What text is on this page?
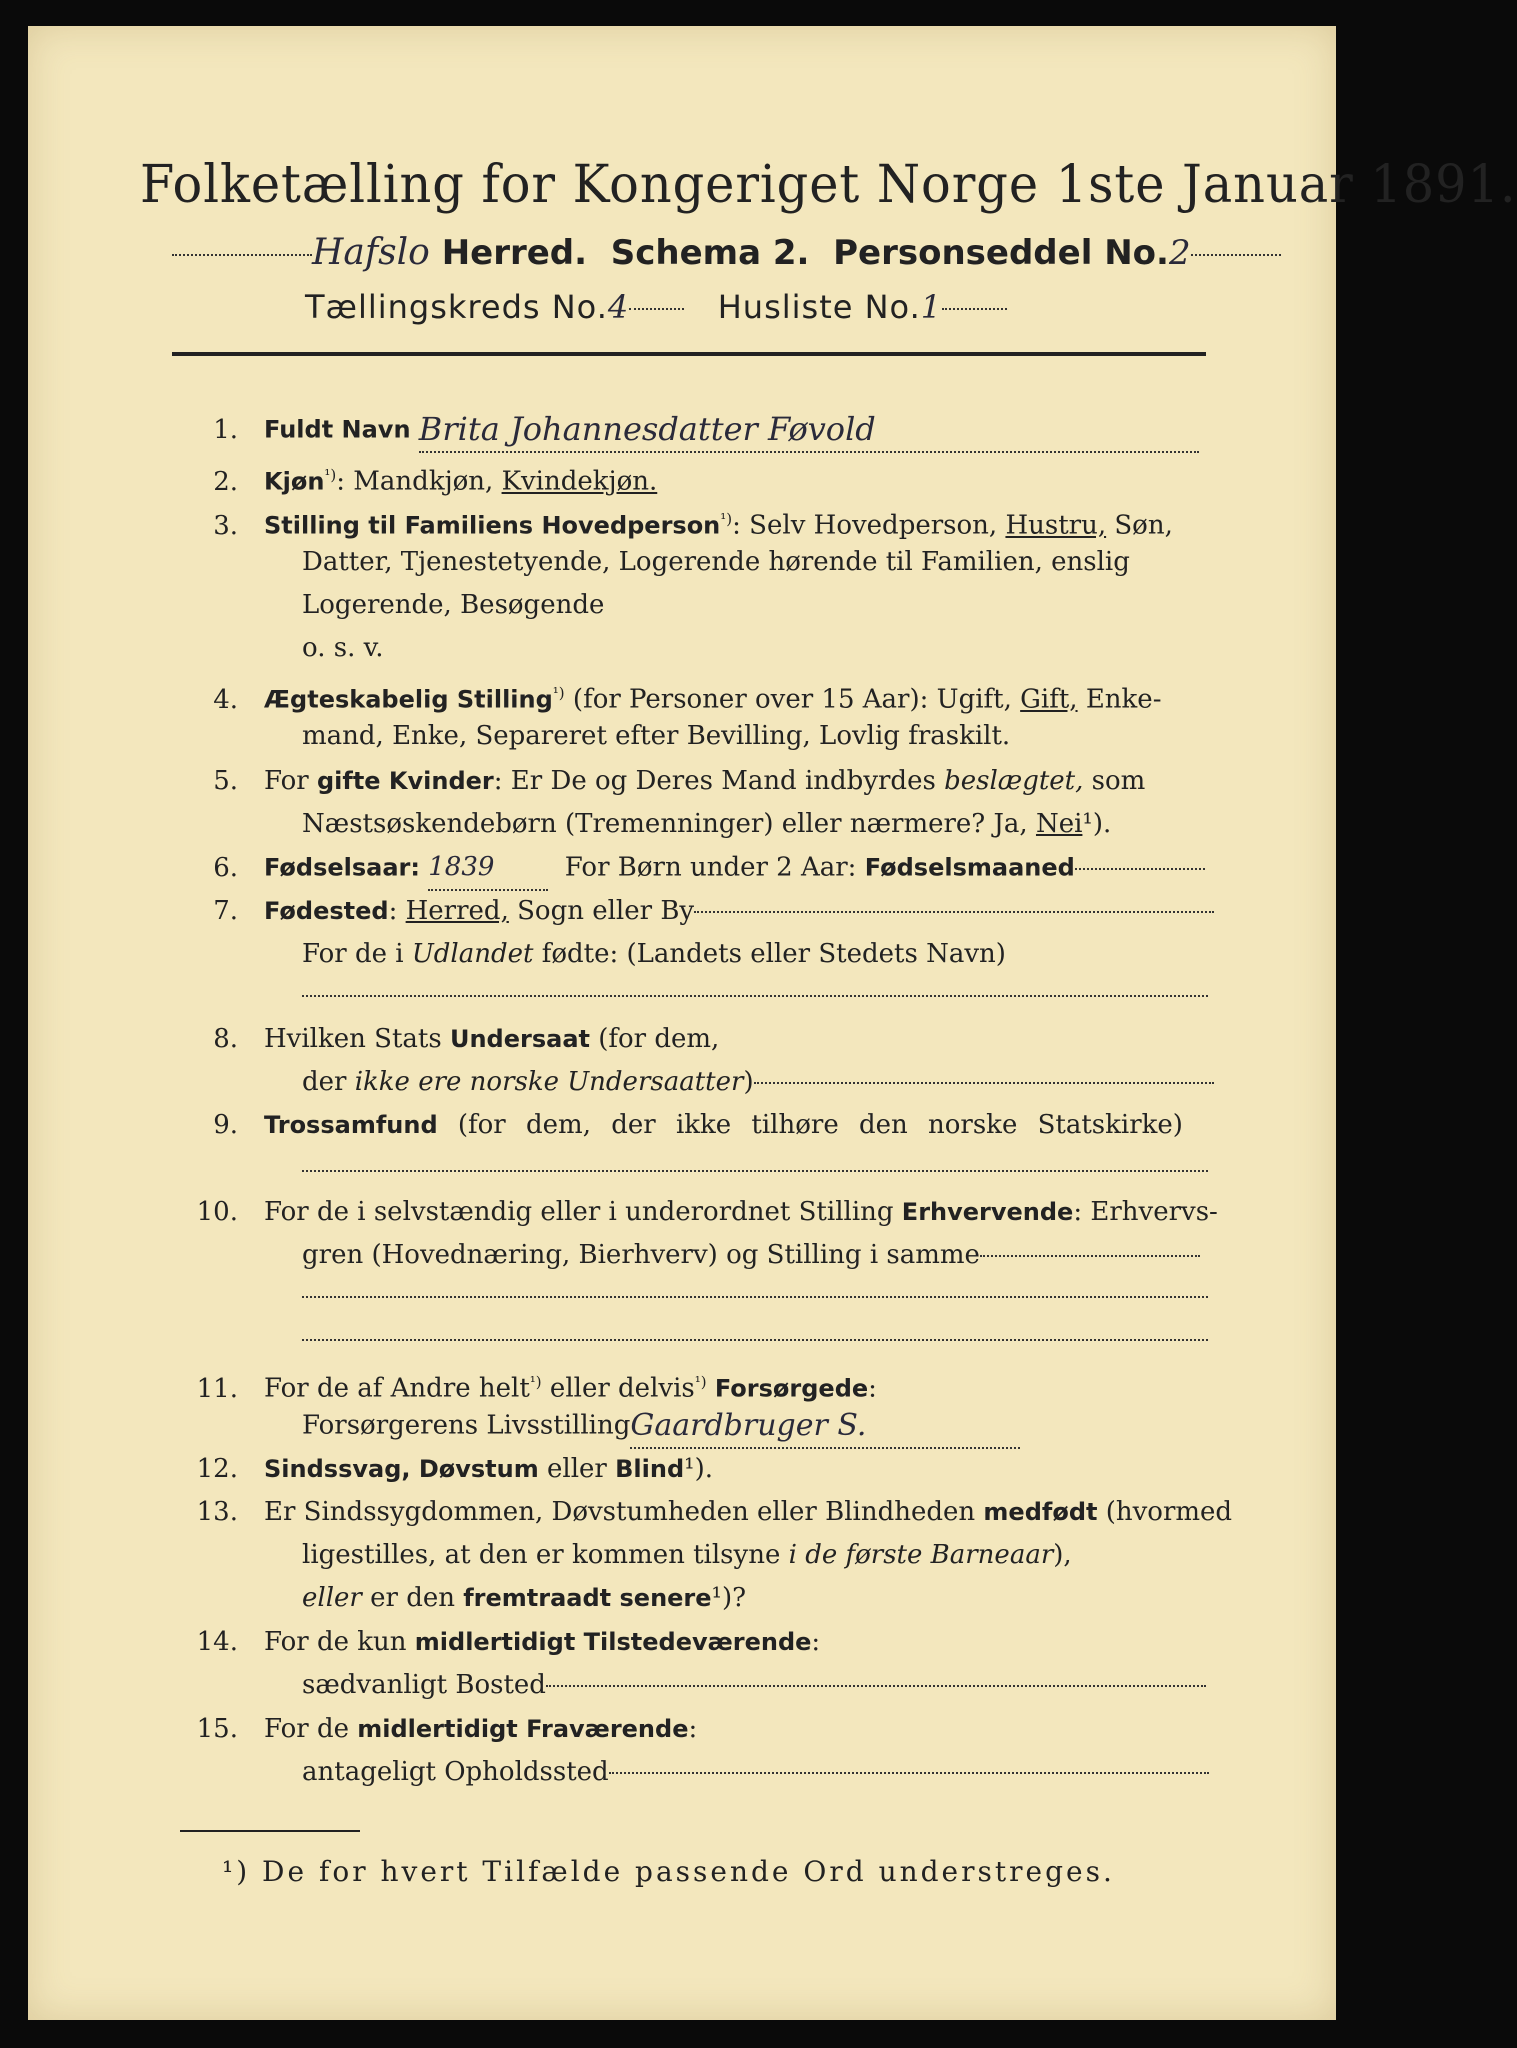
Folketælling for Kongeriget Norge 1ste Januar 1891.
Hafslo Herred. Schema 2. Personseddel No.2
Tællingskreds No.4	Husliste No.1
1. Fuldt Navn Brita Johannesdatter Føvold
2. Kjøn$^{^1)}$: Mandkjøn, Kvindekjøn.
3. Stilling til Familiens Hovedperson$^{^1)}$: Selv Hovedperson, Hustru, Søn,
Datter, Tjenestetyende, Logerende hørende til Familien, enslig
Logerende, Besøgende
o. s. v.
4. Ægteskabelig Stilling$^{^1)}$ (for Personer over 15 Aar): Ugift, Gift, Enke-
mand, Enke, Separeret efter Bevilling, Lovlig fraskilt.
5. For gifte Kvinder: Er De og Deres Mand indbyrdes beslægtet, som
Næstsøskendebørn (Tremenninger) eller nærmere? Ja, Nei¹).
6. Fødselsaar: 1839	For Børn under 2 Aar: Fødselsmaaned
7. Fødested: Herred, Sogn eller By
For de i Udlandet fødte: (Landets eller Stedets Navn)
8. Hvilken Stats Undersaat (for dem,
der ikke ere norske Undersaatter)
9. Trossamfund (for dem, der ikke tilhøre den norske Statskirke)
10. For de i selvstændig eller i underordnet Stilling Erhvervende: Erhvervs-
gren (Hovednæring, Bierhverv) og Stilling i samme
11. For de af Andre helt$^{^1)}$ eller delvis$^{^1)}$ Forsørgede:
Forsørgerens LivsstillingGaardbruger S.
12. Sindssvag, Døvstum eller Blind¹).
13. Er Sindssygdommen, Døvstumheden eller Blindheden medfødt (hvormed
ligestilles, at den er kommen tilsyne i de første Barneaar),
eller er den fremtraadt senere¹)?
14. For de kun midlertidigt Tilstedeværende:
sædvanligt Bosted
15. For de midlertidigt Fraværende:
antageligt Opholdssted
¹) De for hvert Tilfælde passende Ord understreges.
